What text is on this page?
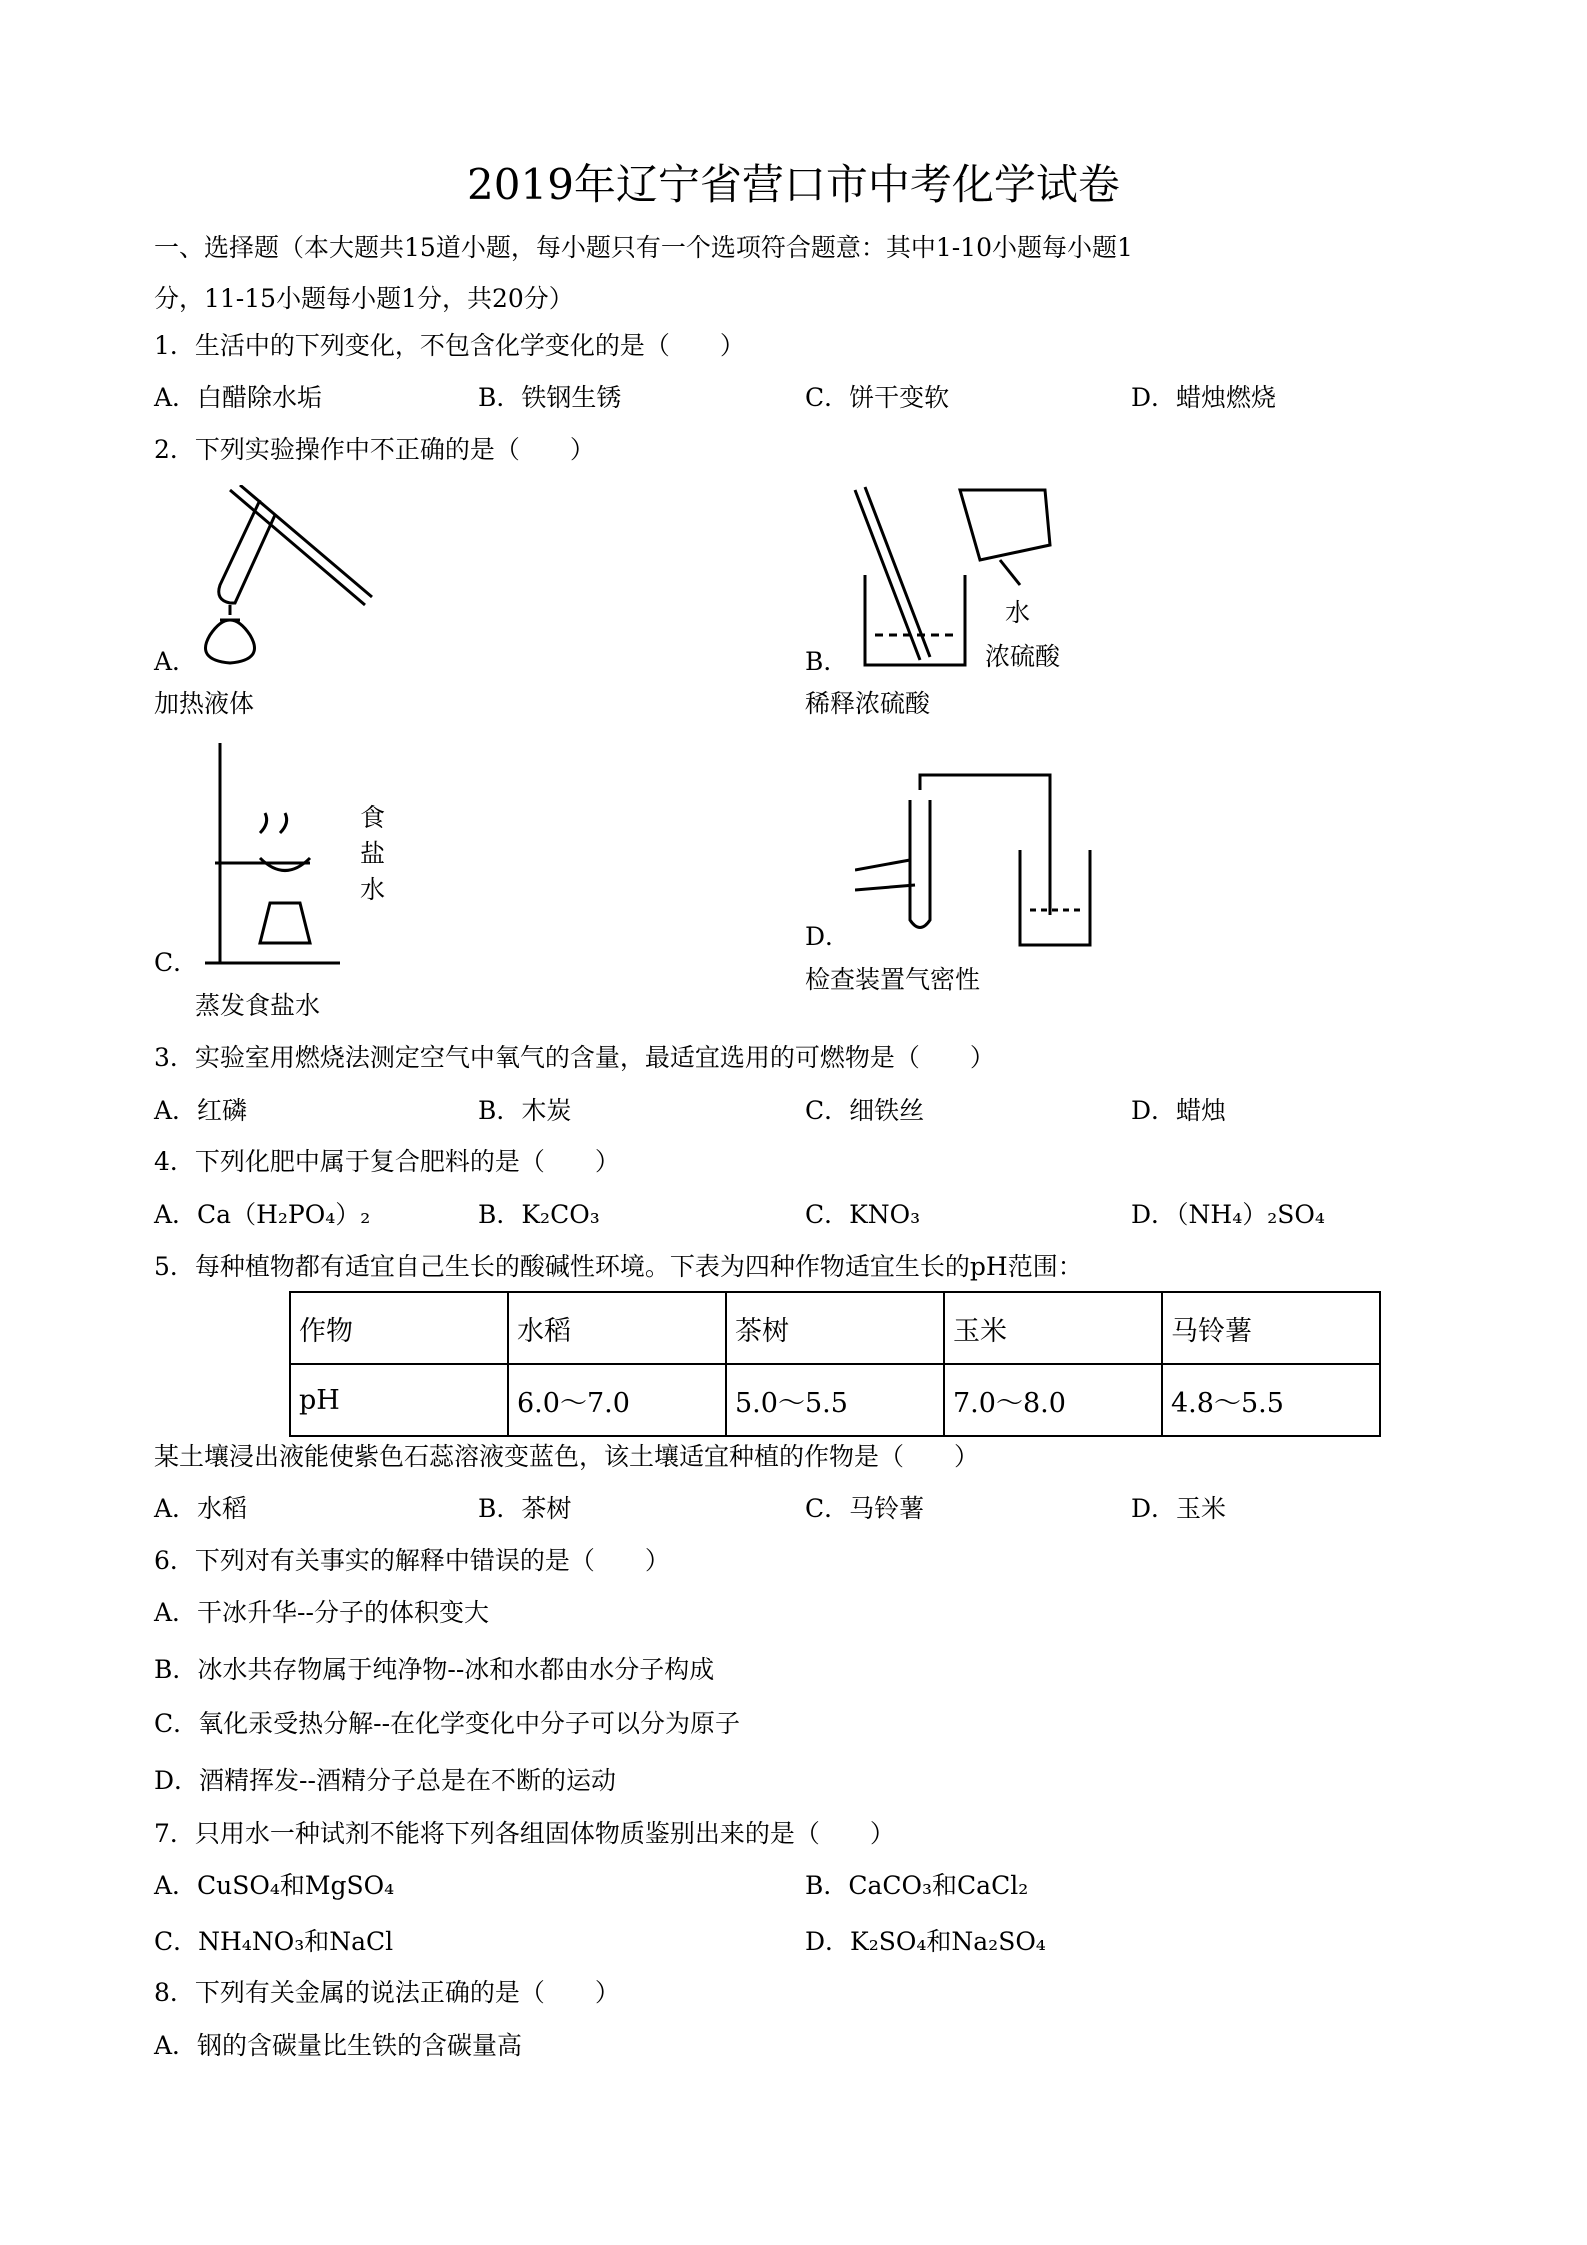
2019年辽宁省营口市中考化学试卷
一、选择题（本大题共15道小题，每小题只有一个选项符合题意：其中1-10小题每小题1
分，11-15小题每小题1分，共20分）
1．生活中的下列变化，不包含化学变化的是（　　）
A．白醋除水垢	B．铁钢生锈	C．饼干变软	D．蜡烛燃烧
2．下列实验操作中不正确的是（　　）
A．
加热液体
水
浓硫酸
B．
稀释浓硫酸
食盐水
C．
蒸发食盐水
D．
检查装置气密性
3．实验室用燃烧法测定空气中氧气的含量，最适宜选用的可燃物是（　　）
A．红磷	B．木炭	C．细铁丝	D．蜡烛
4．下列化肥中属于复合肥料的是（　　）
A．Ca（H₂PO₄）₂	B．K₂CO₃	C．KNO₃	D．（NH₄）₂SO₄
5．每种植物都有适宜自己生长的酸碱性环境。下表为四种作物适宜生长的pH范围：
作物	水稻	茶树	玉米	马铃薯
pH	6.0～7.0	5.0～5.5	7.0～8.0	4.8～5.5
某土壤浸出液能使紫色石蕊溶液变蓝色，该土壤适宜种植的作物是（　　）
A．水稻	B．茶树	C．马铃薯	D．玉米
6．下列对有关事实的解释中错误的是（　　）
A．干冰升华--分子的体积变大
B．冰水共存物属于纯净物--冰和水都由水分子构成
C．氧化汞受热分解--在化学变化中分子可以分为原子
D．酒精挥发--酒精分子总是在不断的运动
7．只用水一种试剂不能将下列各组固体物质鉴别出来的是（　　）
A．CuSO₄和MgSO₄	B．CaCO₃和CaCl₂
C．NH₄NO₃和NaCl	D．K₂SO₄和Na₂SO₄
8．下列有关金属的说法正确的是（　　）
A．钢的含碳量比生铁的含碳量高
